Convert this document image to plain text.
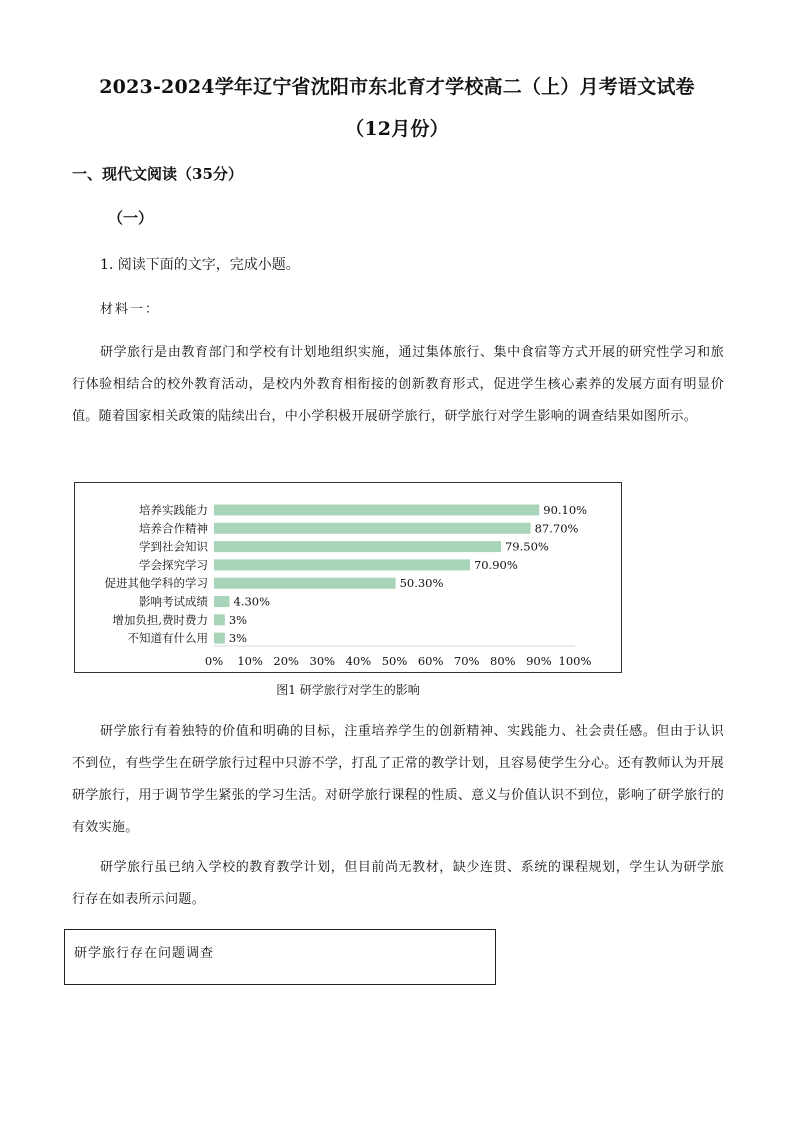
2023-2024学年辽宁省沈阳市东北育才学校高二（上）月考语文试卷
（12月份）
一、现代文阅读（35分）
（一）
1. 阅读下面的文字，完成小题。
材料一：
研学旅行是由教育部门和学校有计划地组织实施，通过集体旅行、集中食宿等方式开展的研究性学习和旅行体验相结合的校外教育活动，是校内外教育相衔接的创新教育形式，促进学生核心素养的发展方面有明显价值。随着国家相关政策的陆续出台，中小学积极开展研学旅行，研学旅行对学生影响的调查结果如图所示。
培养实践能力	90.10%
培养合作精神	87.70%
学到社会知识	79.50%
学会探究学习	70.90%
促进其他学科的学习	50.30%
影响考试成绩 4.30%
增加负担,费时费力 3%
不知道有什么用 3%
0% 10% 20% 30% 40% 50% 60% 70% 80% 90% 100%
图1 研学旅行对学生的影响
研学旅行有着独特的价值和明确的目标，注重培养学生的创新精神、实践能力、社会责任感。但由于认识不到位，有些学生在研学旅行过程中只游不学，打乱了正常的教学计划，且容易使学生分心。还有教师认为开展研学旅行，用于调节学生紧张的学习生活。对研学旅行课程的性质、意义与价值认识不到位，影响了研学旅行的有效实施。
研学旅行虽已纳入学校的教育教学计划，但目前尚无教材，缺少连贯、系统的课程规划，学生认为研学旅行存在如表所示问题。
研学旅行存在问题调查
